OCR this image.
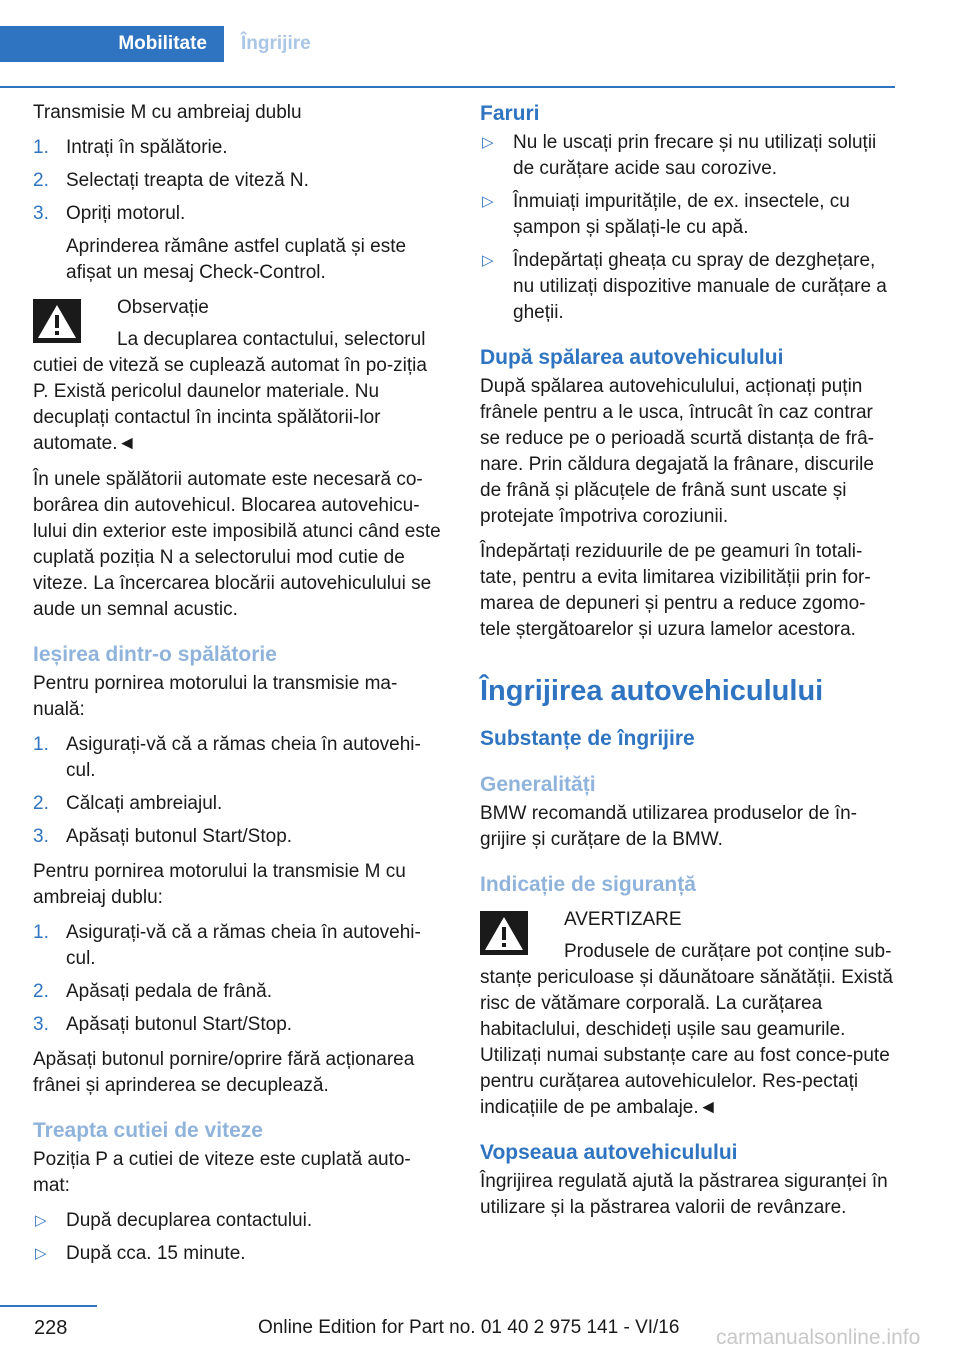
Mobilitate	Îngrijire

Transmisie M cu ambreiaj dublu

1. Intrați în spălătorie.
2. Selectați treapta de viteză N.
3. Opriți motorul.
Aprinderea rămâne astfel cuplată și este afișat un mesaj Check-Control.

Observație

La decuplarea contactului, selectorul
cutiei de viteză se cuplează automat în po-ziția P. Există pericolul daunelor materiale. Nu decuplați contactul în incinta spălătorii-lor automate.◄

În unele spălătorii automate este necesară co-borârea din autovehicul. Blocarea autovehicu-lului din exterior este imposibilă atunci când este cuplată poziția N a selectorului mod cutie de viteze. La încercarea blocării autovehiculului se aude un semnal acustic.

Ieșirea dintr-o spălătorie

Pentru pornirea motorului la transmisie ma-nuală:

1. Asigurați-vă că a rămas cheia în autovehi-cul.
2. Călcați ambreiajul.
3. Apăsați butonul Start/Stop.

Pentru pornirea motorului la transmisie M cu ambreiaj dublu:

1. Asigurați-vă că a rămas cheia în autovehi-cul.
2. Apăsați pedala de frână.
3. Apăsați butonul Start/Stop.

Apăsați butonul pornire/oprire fără acționarea frânei și aprinderea se decuplează.

Treapta cutiei de viteze

Poziția P a cutiei de viteze este cuplată auto-mat:

▷ După decuplarea contactului.
▷ După cca. 15 minute.
Faruri
▷ Nu le uscați prin frecare și nu utilizați soluții de curățare acide sau corozive.
▷ Înmuiați impuritățile, de ex. insectele, cu șampon și spălați-le cu apă.
▷ Îndepărtați gheața cu spray de dezghețare, nu utilizați dispozitive manuale de curățare a gheții.
După spălarea autovehiculului

După spălarea autovehiculului, acționați puțin frânele pentru a le usca, întrucât în caz contrar se reduce pe o perioadă scurtă distanța de frâ-nare. Prin căldura degajată la frânare, discurile de frână și plăcuțele de frână sunt uscate și protejate împotriva coroziunii.

Îndepărtați reziduurile de pe geamuri în totali-tate, pentru a evita limitarea vizibilității prin for-marea de depuneri și pentru a reduce zgomo-tele ștergătoarelor și uzura lamelor acestora.

Îngrijirea autovehiculului
Substanțe de îngrijire
Generalități

BMW recomandă utilizarea produselor de în-grijire și curățare de la BMW.

Indicație de siguranță

AVERTIZARE

Produsele de curățare pot conține sub-
stanțe periculoase și dăunătoare sănătății. Există risc de vătămare corporală. La curățarea habitaclului, deschideți ușile sau geamurile. Utilizați numai substanțe care au fost conce-pute pentru curățarea autovehiculelor. Res-pectați indicațiile de pe ambalaje.◄

Vopseaua autovehiculului

Îngrijirea regulată ajută la păstrarea siguranței în utilizare și la păstrarea valorii de revânzare.

228	Online Edition for Part no. 01 40 2 975 141 - VI/16 carmanualsonline.info
